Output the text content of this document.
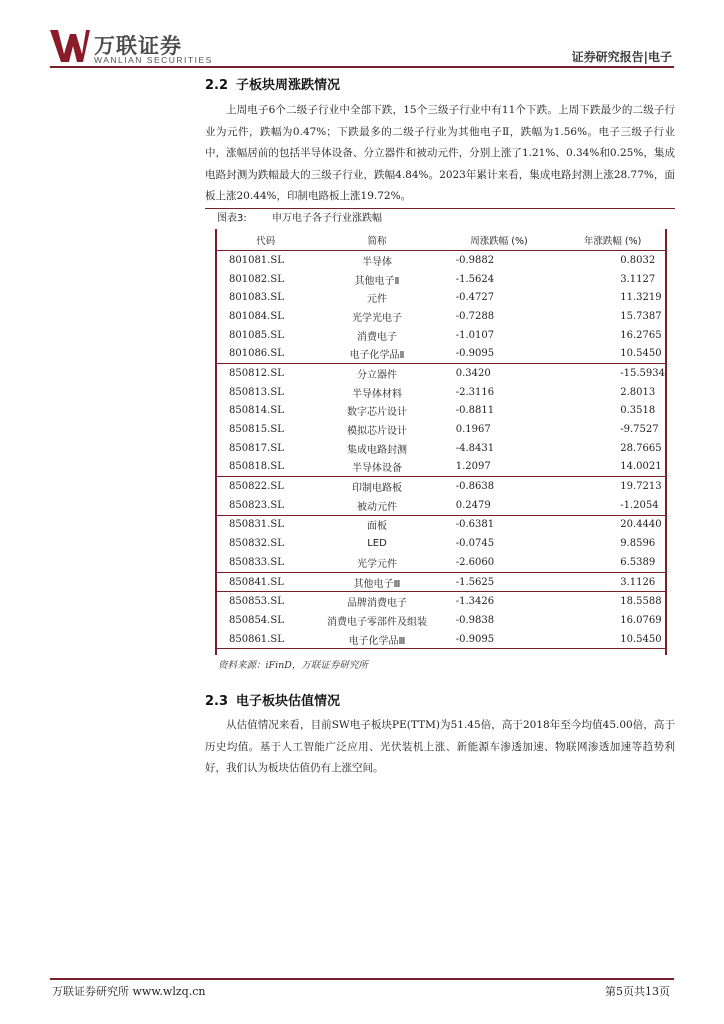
万联证券
WANLIAN SECURITIES	证券研究报告|电子
2.2 子板块周涨跌情况

上周电子6个二级子行业中全部下跌，15个三级子行业中有11个下跌。上周下跌最少的二级子行业为元件，跌幅为0.47%；下跌最多的二级子行业为其他电子Ⅱ，跌幅为1.56%。电子三级子行业中，涨幅居前的包括半导体设备、分立器件和被动元件，分别上涨了1.21%、0.34%和0.25%，集成电路封测为跌幅最大的三级子行业，跌幅4.84%。2023年累计来看，集成电路封测上涨28.77%，面板上涨20.44%，印制电路板上涨19.72%。

图表3:	申万电子各子行业涨跌幅
代码	简称	周涨跌幅 (%)	年涨跌幅 (%)
801081.SL	半导体	-0.9882	0.8032
801082.SL	其他电子Ⅱ	-1.5624	3.1127
801083.SL	元件	-0.4727	11.3219
801084.SL	光学光电子	-0.7288	15.7387
801085.SL	消费电子	-1.0107	16.2765
801086.SL	电子化学品Ⅱ	-0.9095	10.5450
850812.SL	分立器件	0.3420	-15.5934
850813.SL	半导体材料	-2.3116	2.8013
850814.SL	数字芯片设计	-0.8811	0.3518
850815.SL	模拟芯片设计	0.1967	-9.7527
850817.SL	集成电路封测	-4.8431	28.7665
850818.SL	半导体设备	1.2097	14.0021
850822.SL	印制电路板	-0.8638	19.7213
850823.SL	被动元件	0.2479	-1.2054
850831.SL	面板	-0.6381	20.4440
850832.SL	LED	-0.0745	9.8596
850833.SL	光学元件	-2.6060	6.5389
850841.SL	其他电子Ⅲ	-1.5625	3.1126
850853.SL	品牌消费电子	-1.3426	18.5588
850854.SL	消费电子零部件及组装	-0.9838	16.0769
850861.SL	电子化学品Ⅲ	-0.9095	10.5450
资料来源：iFinD，万联证券研究所
2.3 电子板块估值情况

从估值情况来看，目前SW电子板块PE(TTM)为51.45倍，高于2018年至今均值45.00倍，高于历史均值。基于人工智能广泛应用、光伏装机上涨、新能源车渗透加速、物联网渗透加速等趋势利好，我们认为板块估值仍有上涨空间。

万联证券研究所 www.wlzq.cn	第5页共13页
